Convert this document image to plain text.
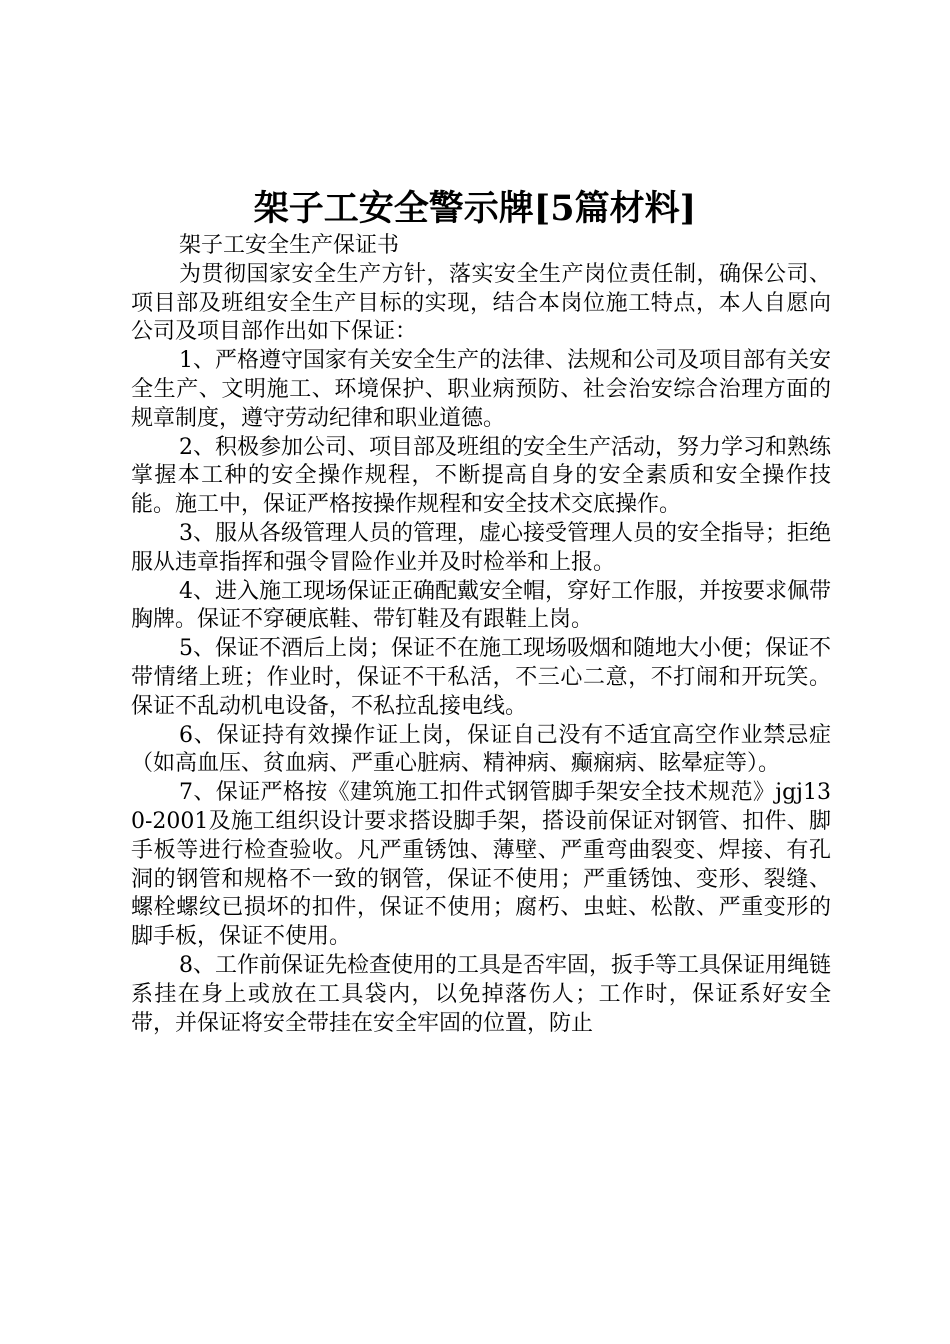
架子工安全警示牌[5篇材料]

架子工安全生产保证书

为贯彻国家安全生产方针，落实安全生产岗位责任制，确保公司、项目部及班组安全生产目标的实现，结合本岗位施工特点，本人自愿向公司及项目部作出如下保证：

1、严格遵守国家有关安全生产的法律、法规和公司及项目部有关安全生产、文明施工、环境保护、职业病预防、社会治安综合治理方面的规章制度，遵守劳动纪律和职业道德。

2、积极参加公司、项目部及班组的安全生产活动，努力学习和熟练掌握本工种的安全操作规程，不断提高自身的安全素质和安全操作技能。施工中，保证严格按操作规程和安全技术交底操作。

3、服从各级管理人员的管理，虚心接受管理人员的安全指导；拒绝服从违章指挥和强令冒险作业并及时检举和上报。

4、进入施工现场保证正确配戴安全帽，穿好工作服，并按要求佩带胸牌。保证不穿硬底鞋、带钉鞋及有跟鞋上岗。

5、保证不酒后上岗；保证不在施工现场吸烟和随地大小便；保证不带情绪上班；作业时，保证不干私活，不三心二意，不打闹和开玩笑。保证不乱动机电设备，不私拉乱接电线。

6、保证持有效操作证上岗，保证自己没有不适宜高空作业禁忌症（如高血压、贫血病、严重心脏病、精神病、癫痫病、眩晕症等）。

7、保证严格按《建筑施工扣件式钢管脚手架安全技术规范》jgj130-2001及施工组织设计要求搭设脚手架，搭设前保证对钢管、扣件、脚手板等进行检查验收。凡严重锈蚀、薄壁、严重弯曲裂变、焊接、有孔洞的钢管和规格不一致的钢管，保证不使用；严重锈蚀、变形、裂缝、螺栓螺纹已损坏的扣件，保证不使用；腐朽、虫蛀、松散、严重变形的脚手板，保证不使用。

8、工作前保证先检查使用的工具是否牢固，扳手等工具保证用绳链系挂在身上或放在工具袋内，以免掉落伤人；工作时，保证系好安全带，并保证将安全带挂在安全牢固的位置，防止
